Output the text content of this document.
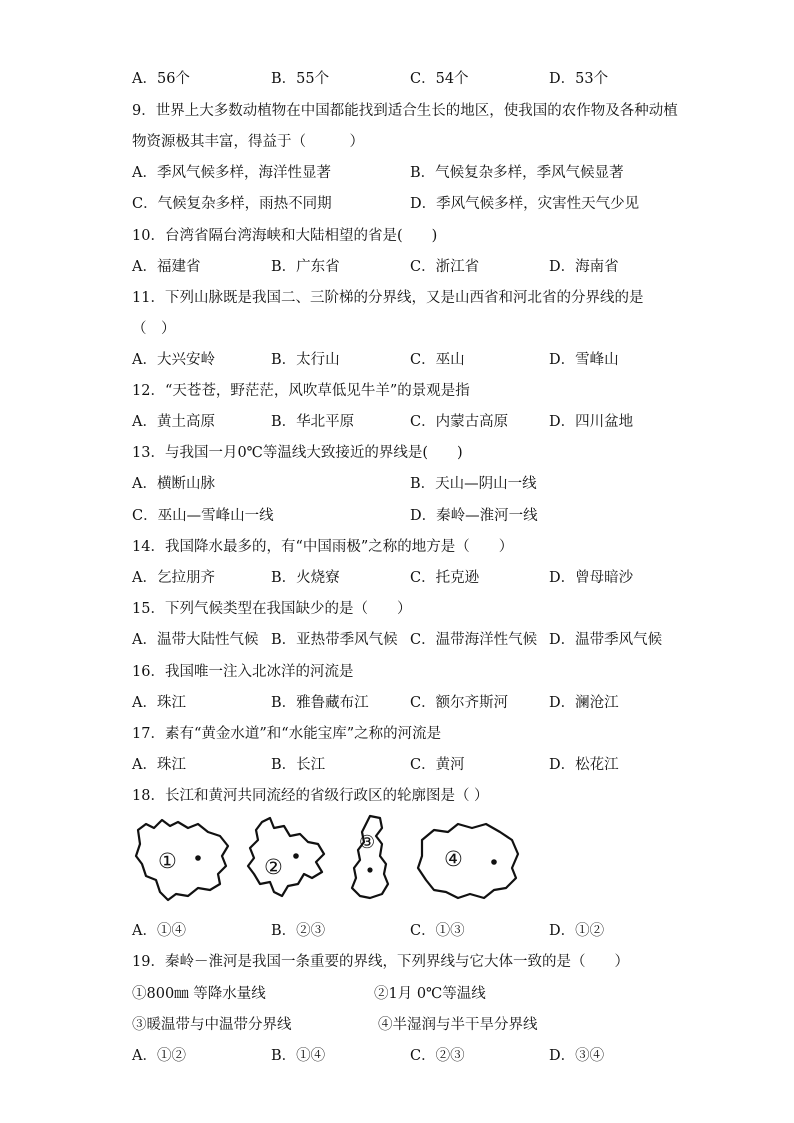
A．56个	B．55个	C．54个	D．53个
9．世界上大多数动植物在中国都能找到适合生长的地区，使我国的农作物及各种动植
物资源极其丰富，得益于（　　　）
A．季风气候多样，海洋性显著	B．气候复杂多样，季风气候显著
C．气候复杂多样，雨热不同期	D．季风气候多样，灾害性天气少见
10．台湾省隔台湾海峡和大陆相望的省是(　　)
A．福建省	B．广东省	C．浙江省	D．海南省
11．下列山脉既是我国二、三阶梯的分界线，又是山西省和河北省的分界线的是
（　）
A．大兴安岭	B．太行山	C．巫山	D．雪峰山
12．“天苍苍，野茫茫，风吹草低见牛羊”的景观是指
A．黄土高原	B．华北平原	C．内蒙古高原	D．四川盆地
13．与我国一月0℃等温线大致接近的界线是(　　)
A．横断山脉	B．天山—阴山一线
C．巫山—雪峰山一线	D．秦岭—淮河一线
14．我国降水最多的，有“中国雨极”之称的地方是（　　）
A．乞拉朋齐	B．火烧寮	C．托克逊	D．曾母暗沙
15．下列气候类型在我国缺少的是（　　）
A．温带大陆性气候 B．亚热带季风气候 C．温带海洋性气候 D．温带季风气候
16．我国唯一注入北冰洋的河流是
A．珠江	B．雅鲁藏布江	C．额尔齐斯河	D．澜沧江
17．素有“黄金水道”和“水能宝库”之称的河流是
A．珠江	B．长江	C．黄河	D．松花江
18．长江和黄河共同流经的省级行政区的轮廓图是（ ）
①	②
③
④
A．①④	B．②③	C．①③	D．①②
19．秦岭－淮河是我国一条重要的界线，下列界线与它大体一致的是（　　）
①800㎜ 等降水量线	②1月 0℃等温线
③暖温带与中温带分界线	④半湿润与半干旱分界线
A．①②	B．①④	C．②③	D．③④
